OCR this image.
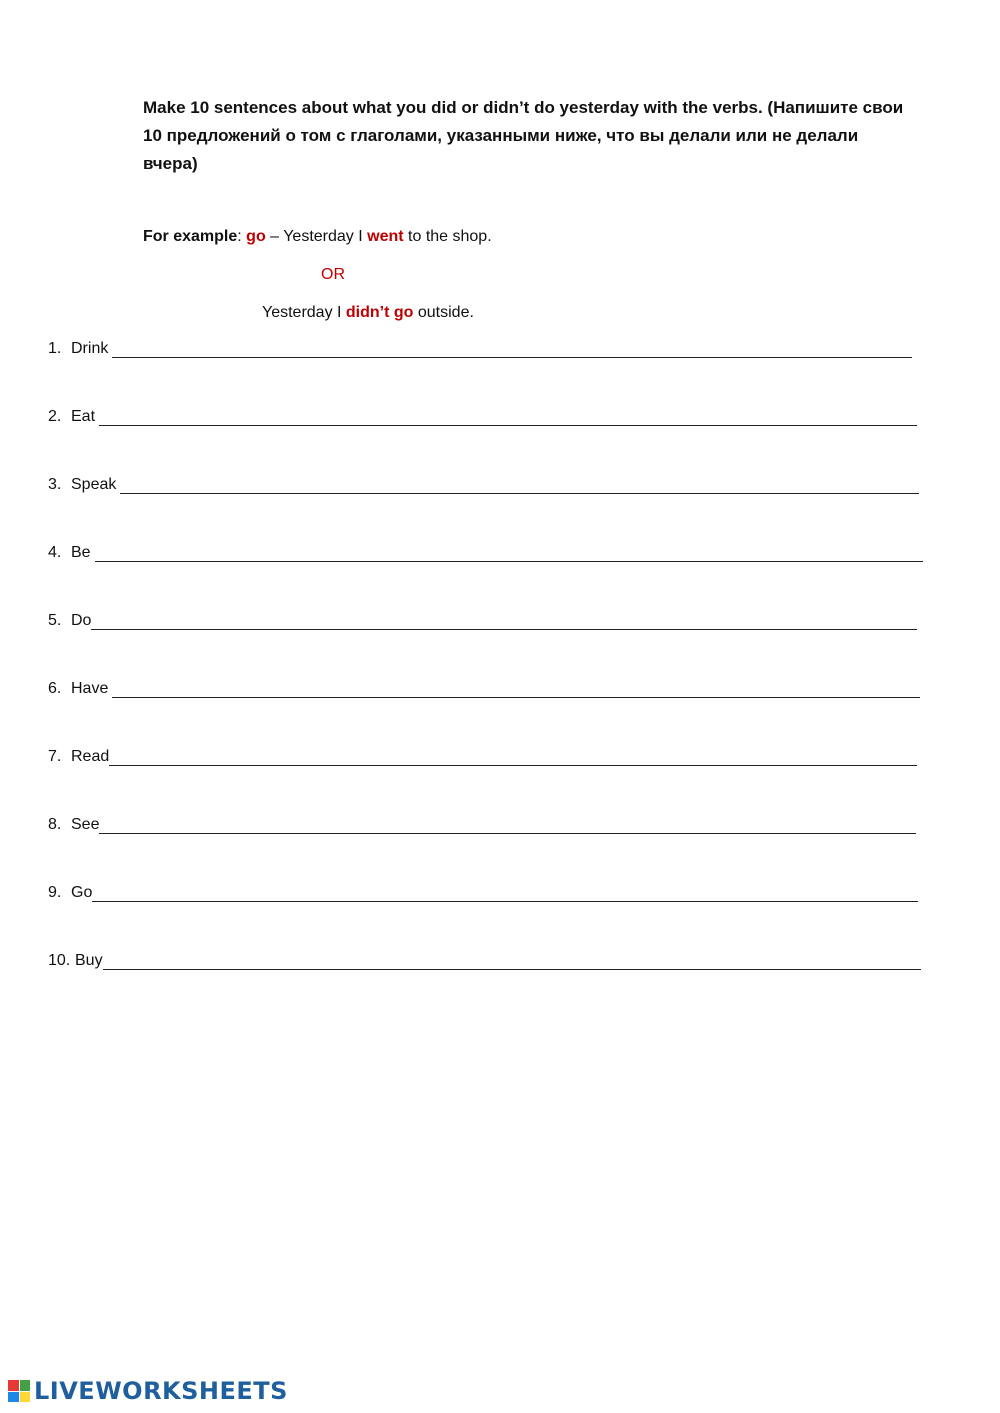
Make 10 sentences about what you did or didn’t do yesterday with the verbs. (Напишите свои 10 предложений о том с глаголами, указанными ниже, что вы делали или не делали вчера)
For example: go – Yesterday I went to the shop.
OR
Yesterday I didn’t go outside.
1. Drink
2. Eat
3. Speak
4. Be
5. Do
6. Have
7. Read
8. See
9. Go
10. Buy
LIVEWORKSHEETS
